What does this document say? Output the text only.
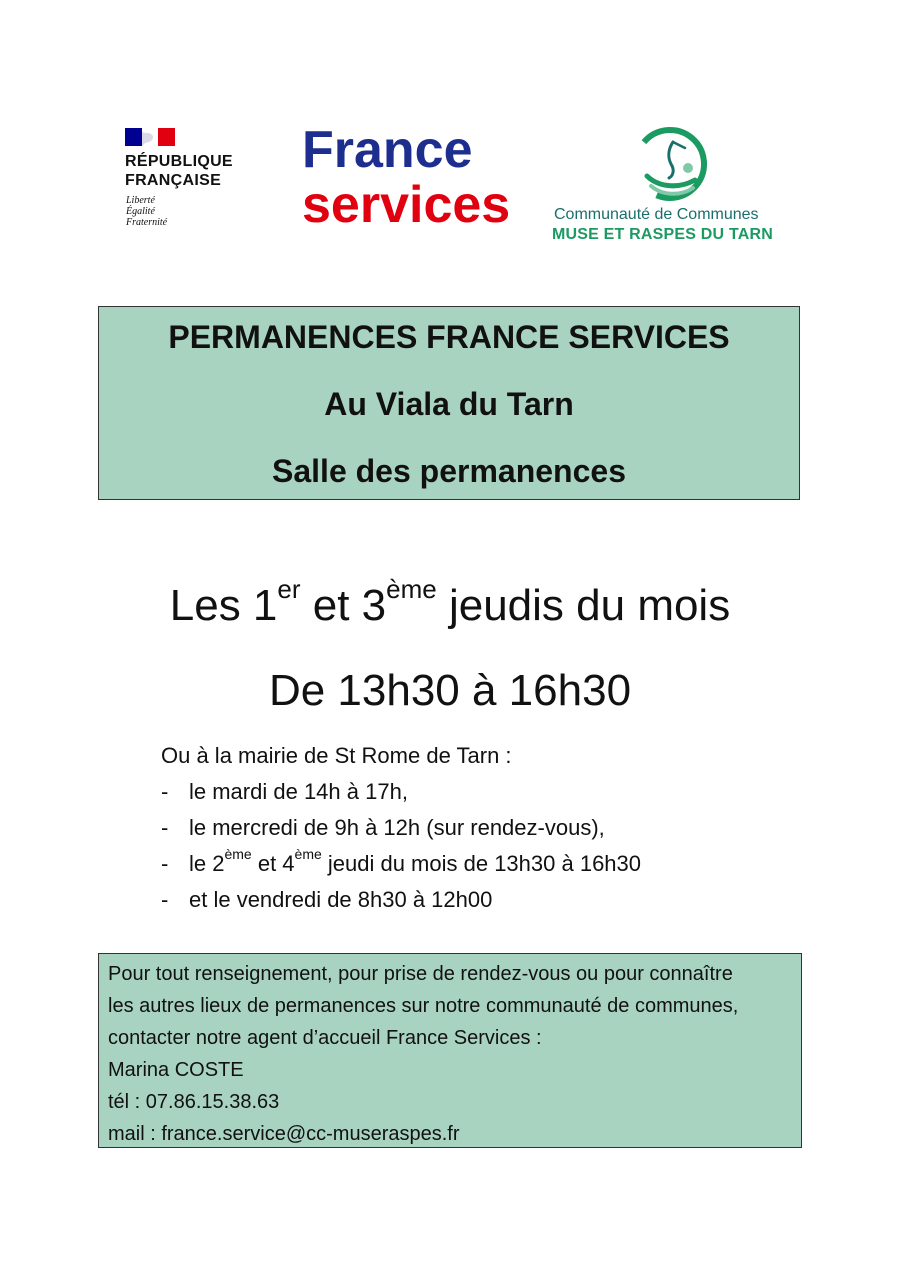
RÉPUBLIQUE
FRANÇAISE
Liberté
Égalité
Fraternité
France
services	Communauté de Communes
MUSE ET RASPES DU TARN
PERMANENCES FRANCE SERVICES
Au Viala du Tarn
Salle des permanences
Les 1er et 3ème jeudis du mois
De 13h30 à 16h30
Ou à la mairie de St Rome de Tarn :
- le mardi de 14h à 17h,
- le mercredi de 9h à 12h (sur rendez-vous),
- le 2ème et 4ème jeudi du mois de 13h30 à 16h30
- et le vendredi de 8h30 à 12h00
Pour tout renseignement, pour prise de rendez-vous ou pour connaître
les autres lieux de permanences sur notre communauté de communes,
contacter notre agent d’accueil France Services :
Marina COSTE
tél : 07.86.15.38.63
mail : france.service@cc-museraspes.fr
